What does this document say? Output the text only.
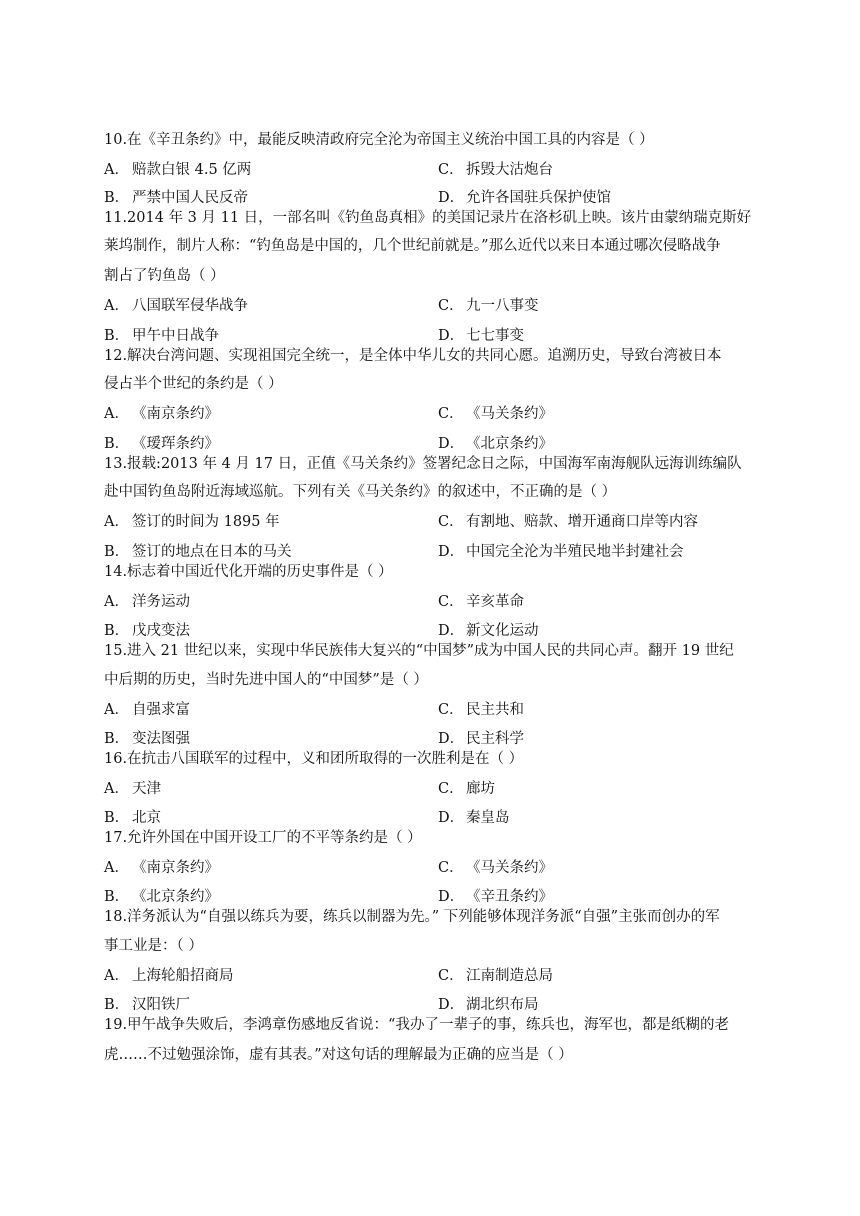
10.在《辛丑条约》中，最能反映清政府完全沦为帝国主义统治中国工具的内容是（ ）
A． 赔款白银 4.5 亿两	C． 拆毁大沽炮台
B． 严禁中国人民反帝	D． 允许各国驻兵保护使馆
11.2014 年 3 月 11 日，一部名叫《钓鱼岛真相》的美国记录片在洛杉矶上映。该片由蒙纳瑞克斯好
莱坞制作，制片人称：“钓鱼岛是中国的，几个世纪前就是。”那么近代以来日本通过哪次侵略战争
割占了钓鱼岛（ ）
A． 八国联军侵华战争	C． 九一八事变
B． 甲午中日战争	D． 七七事变
12.解决台湾问题、实现祖国完全统一，是全体中华儿女的共同心愿。追溯历史，导致台湾被日本
侵占半个世纪的条约是（ ）
A． 《南京条约》	C． 《马关条约》
B． 《瑷珲条约》	D． 《北京条约》
13.报载:2013 年 4 月 17 日，正值《马关条约》签署纪念日之际，中国海军南海舰队远海训练编队
赴中国钓鱼岛附近海域巡航。下列有关《马关条约》的叙述中，不正确的是（ ）
A． 签订的时间为 1895 年	C． 有割地、赔款、增开通商口岸等内容
B． 签订的地点在日本的马关	D． 中国完全沦为半殖民地半封建社会
14.标志着中国近代化开端的历史事件是（ ）
A． 洋务运动	C． 辛亥革命
B． 戊戌变法	D． 新文化运动
15.进入 21 世纪以来，实现中华民族伟大复兴的“中国梦”成为中国人民的共同心声。翻开 19 世纪
中后期的历史，当时先进中国人的“中国梦”是（ ）
A． 自强求富	C． 民主共和
B． 变法图强	D． 民主科学
16.在抗击八国联军的过程中，义和团所取得的一次胜利是在（ ）
A． 天津	C． 廊坊
B． 北京	D． 秦皇岛
17.允许外国在中国开设工厂的不平等条约是（ ）
A． 《南京条约》	C． 《马关条约》
B． 《北京条约》	D． 《辛丑条约》
18.洋务派认为“自强以练兵为要，练兵以制器为先。” 下列能够体现洋务派“自强”主张而创办的军
事工业是：（ ）
A． 上海轮船招商局	C． 江南制造总局
B． 汉阳铁厂	D． 湖北织布局
19.甲午战争失败后，李鸿章伤感地反省说：“我办了一辈子的事，练兵也，海军也，都是纸糊的老
虎……不过勉强涂饰，虚有其表。”对这句话的理解最为正确的应当是（ ）
